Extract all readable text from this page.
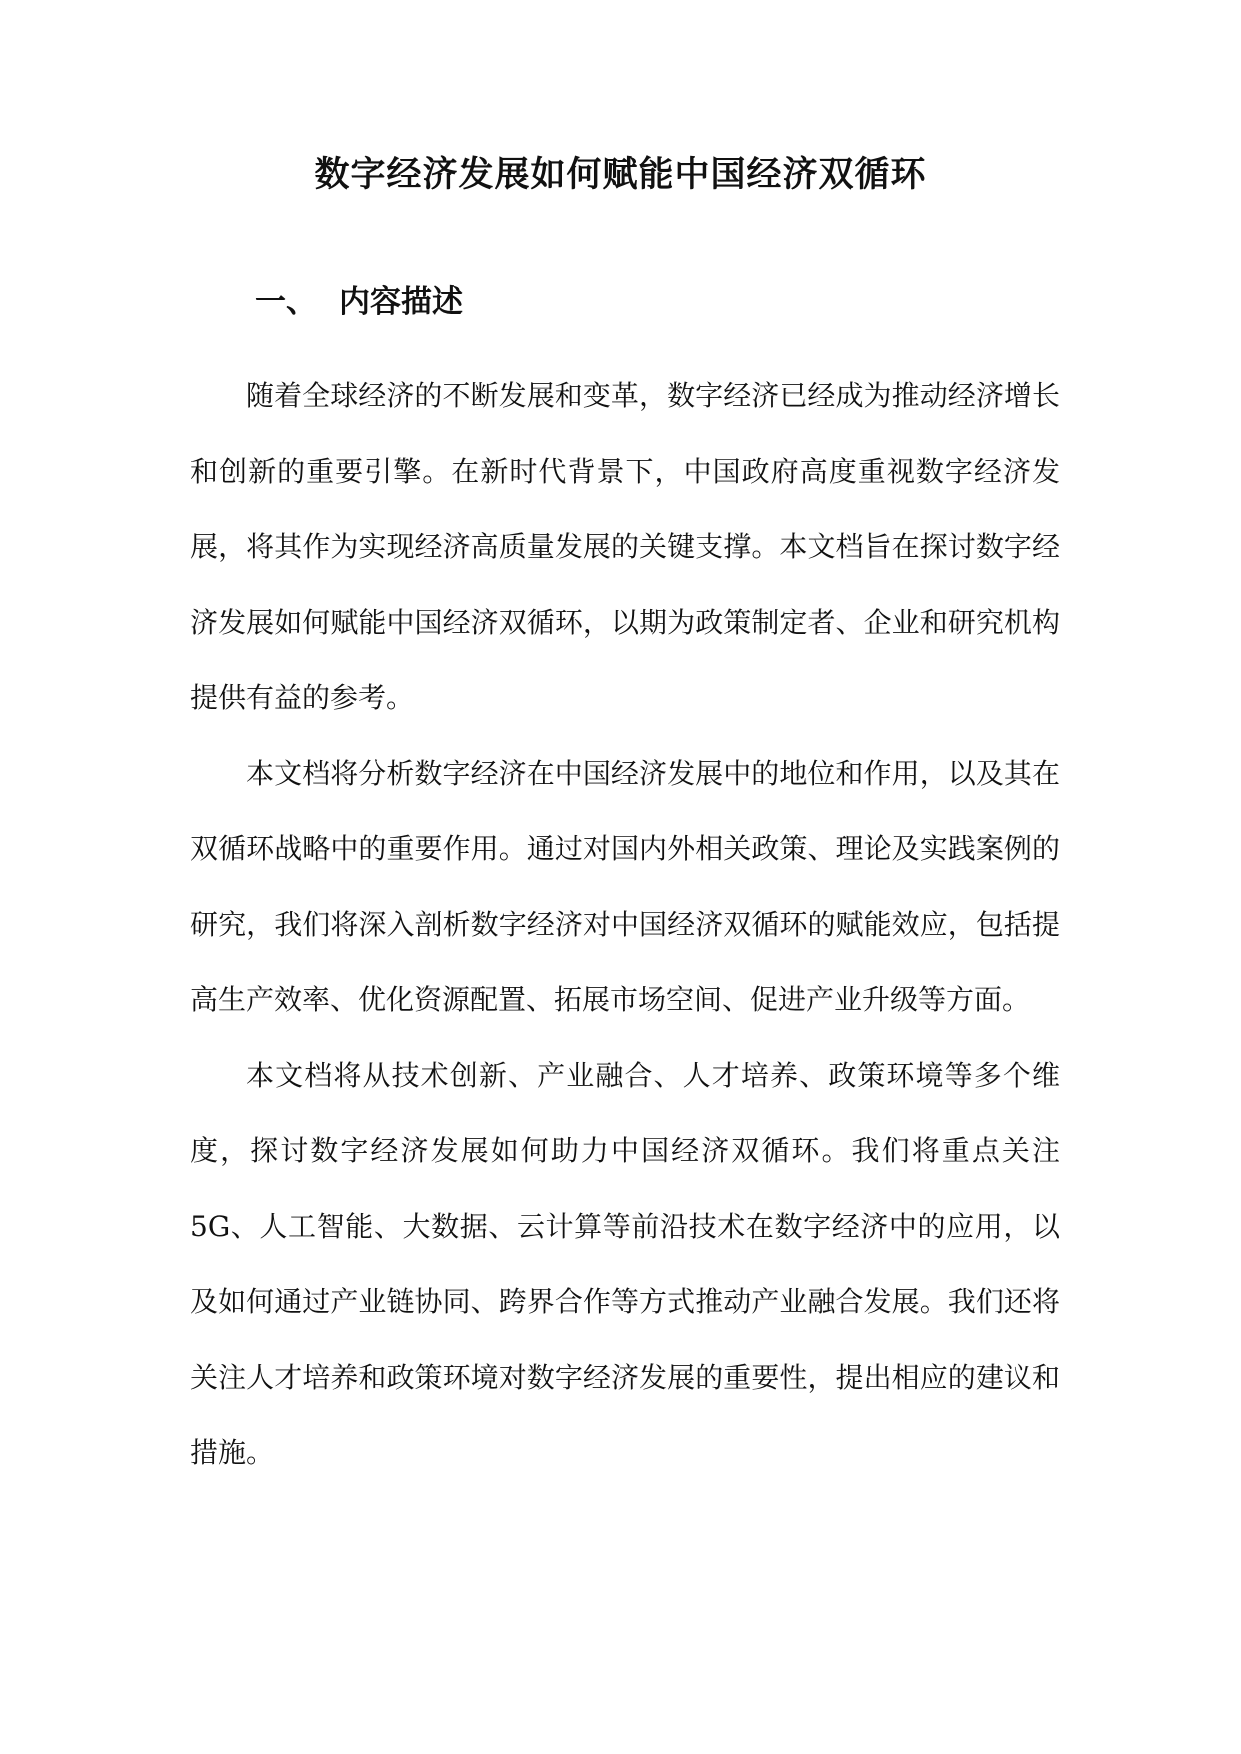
数字经济发展如何赋能中国经济双循环
一、 内容描述

随着全球经济的不断发展和变革，数字经济已经成为推动经济增长和创新的重要引擎。在新时代背景下，中国政府高度重视数字经济发展，将其作为实现经济高质量发展的关键支撑。本文档旨在探讨数字经济发展如何赋能中国经济双循环，以期为政策制定者、企业和研究机构提供有益的参考。

本文档将分析数字经济在中国经济发展中的地位和作用，以及其在双循环战略中的重要作用。通过对国内外相关政策、理论及实践案例的研究，我们将深入剖析数字经济对中国经济双循环的赋能效应，包括提高生产效率、优化资源配置、拓展市场空间、促进产业升级等方面。

本文档将从技术创新、产业融合、人才培养、政策环境等多个维度，探讨数字经济发展如何助力中国经济双循环。我们将重点关注5G、人工智能、大数据、云计算等前沿技术在数字经济中的应用，以及如何通过产业链协同、跨界合作等方式推动产业融合发展。我们还将关注人才培养和政策环境对数字经济发展的重要性，提出相应的建议和措施。
